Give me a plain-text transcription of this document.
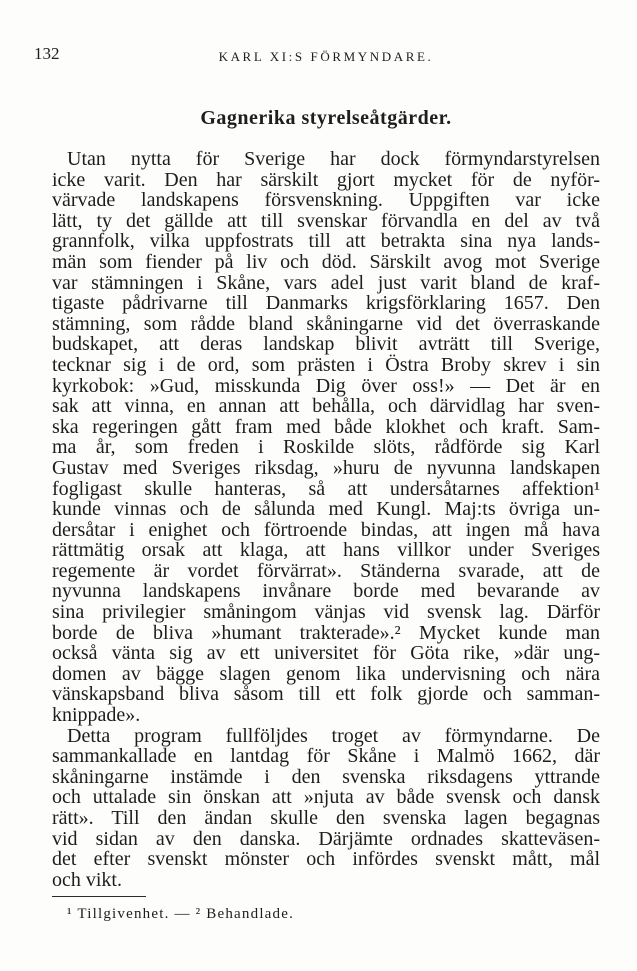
132	KARL XI:S FÖRMYNDARE.
Gagnerika styrelseåtgärder.
Utan nytta för Sverige har dock förmyndarstyrelsen
icke varit. Den har särskilt gjort mycket för de nyför-
värvade landskapens försvenskning. Uppgiften var icke
lätt, ty det gällde att till svenskar förvandla en del av två
grannfolk, vilka uppfostrats till att betrakta sina nya lands-
män som fiender på liv och död. Särskilt avog mot Sverige
var stämningen i Skåne, vars adel just varit bland de kraf-
tigaste pådrivarne till Danmarks krigsförklaring 1657. Den
stämning, som rådde bland skåningarne vid det överraskande
budskapet, att deras landskap blivit avträtt till Sverige,
tecknar sig i de ord, som prästen i Östra Broby skrev i sin
kyrkobok: »Gud, misskunda Dig över oss!» — Det är en
sak att vinna, en annan att behålla, och därvidlag har sven-
ska regeringen gått fram med både klokhet och kraft. Sam-
ma år, som freden i Roskilde slöts, rådförde sig Karl
Gustav med Sveriges riksdag, »huru de nyvunna landskapen
fogligast skulle hanteras, så att undersåtarnes affektion¹
kunde vinnas och de sålunda med Kungl. Maj:ts övriga un-
dersåtar i enighet och förtroende bindas, att ingen må hava
rättmätig orsak att klaga, att hans villkor under Sveriges
regemente är vordet förvärrat». Ständerna svarade, att de
nyvunna landskapens invånare borde med bevarande av
sina privilegier småningom vänjas vid svensk lag. Därför
borde de bliva »humant trakterade».² Mycket kunde man
också vänta sig av ett universitet för Göta rike, »där ung-
domen av bägge slagen genom lika undervisning och nära
vänskapsband bliva såsom till ett folk gjorde och samman-
knippade».
Detta program fullföljdes troget av förmyndarne. De
sammankallade en lantdag för Skåne i Malmö 1662, där
skåningarne instämde i den svenska riksdagens yttrande
och uttalade sin önskan att »njuta av både svensk och dansk
rätt». Till den ändan skulle den svenska lagen begagnas
vid sidan av den danska. Därjämte ordnades skatteväsen-
det efter svenskt mönster och infördes svenskt mått, mål
och vikt.
¹ Tillgivenhet. — ² Behandlade.
